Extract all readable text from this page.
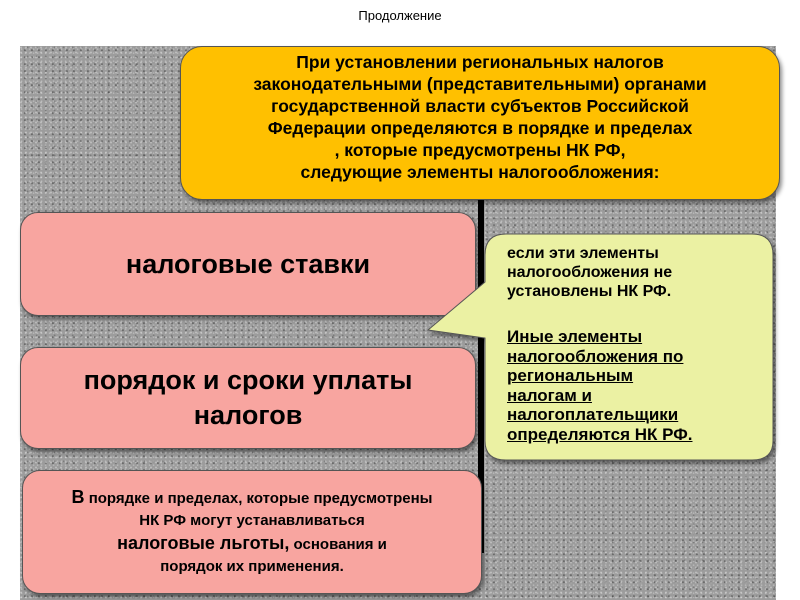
Продолжение
При установлении региональных налогов
законодательными (представительными) органами
государственной власти субъектов Российской
Федерации определяются в порядке и пределах
, которые предусмотрены НК РФ,
следующие элементы налогообложения:
налоговые ставки
порядок и сроки уплаты
налогов
В порядке и пределах, которые предусмотрены
НК РФ могут устанавливаться
налоговые льготы, основания и
порядок их применения.
если эти элементы
налогообложения не
установлены НК РФ.
Иные элементы
налогообложения по
региональным
налогам и
налогоплательщики
определяются НК РФ.
